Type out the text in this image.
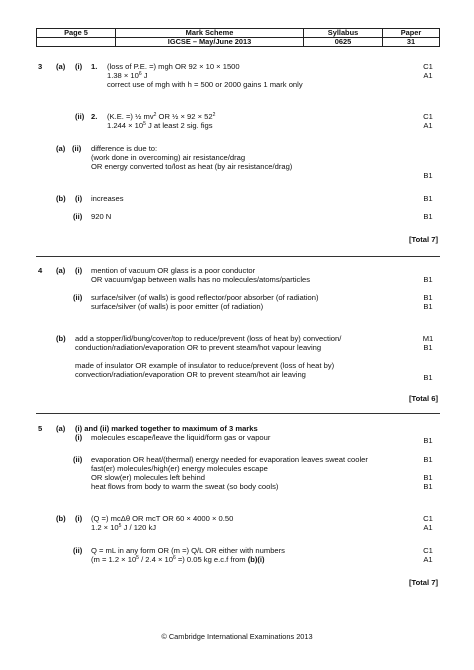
Page 5	Mark Scheme	Syllabus	Paper
	IGCSE – May/June 2013	0625	31
3 (a) (i) 1. (loss of P.E. =) mgh OR 92 × 10 × 1500	C1
$1.38 \times 10^6$ J	A1
correct use of mgh with h = 500 or 2000 gains 1 mark only
(ii) 2. (K.E. =) ½ $mv^2$ OR ½ × $92 \times 52^2$	C1
$1.244 \times 10^5$ J at least 2 sig. figs	A1
(a) (ii) difference is due to:
(work done in overcoming) air resistance/drag
OR energy converted to/lost as heat (by air resistance/drag)
B1
(b) (i) increases	B1
(ii) 920 N	B1
[Total 7]
4 (a) (i) mention of vacuum OR glass is a poor conductor
OR vacuum/gap between walls has no molecules/atoms/particles	B1
(ii) surface/silver (of walls) is good reflector/poor absorber (of radiation)	B1
surface/silver (of walls) is poor emitter (of radiation)	B1
(b) add a stopper/lid/bung/cover/top to reduce/prevent (loss of heat by) convection/	M1
conduction/radiation/evaporation OR to prevent steam/hot vapour leaving	B1
made of insulator OR example of insulator to reduce/prevent (loss of heat by)
convection/radiation/evaporation OR to prevent steam/hot air leaving	B1
[Total 6]
5 (a) (i) and (ii) marked together to maximum of 3 marks
(i) molecules escape/leave the liquid/form gas or vapour	B1
(ii) evaporation OR heat/(thermal) energy needed for evaporation leaves sweat cooler	B1
fast(er) molecules/high(er) energy molecules escape
OR slow(er) molecules left behind	B1
heat flows from body to warm the sweat (so body cools)	B1
(b) (i) (Q =) mcΔθ OR mcT OR 60 × 4000 × 0.50	C1
$1.2 \times 10^5$ J / 120 kJ	A1
(ii) Q = mL in any form OR (m =) Q/L OR either with numbers	C1
($m = 1.2 \times 10^5 / 2.4 \times 10^6$ =) 0.05 kg e.c.f from (b)(i)	A1
[Total 7]
© Cambridge International Examinations 2013
